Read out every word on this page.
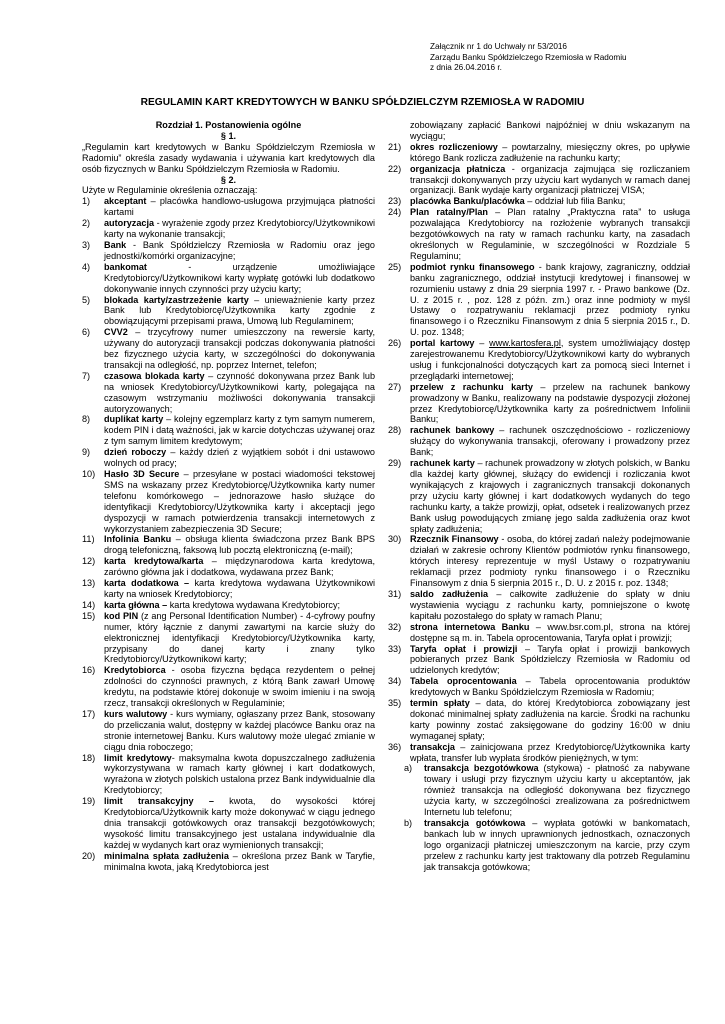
Załącznik nr 1 do Uchwały nr 53/2016
Zarządu Banku Spółdzielczego Rzemiosła w Radomiu
z dnia 26.04.2016 r.
REGULAMIN KART KREDYTOWYCH W BANKU SPÓŁDZIELCZYM RZEMIOSŁA W RADOMIU
Rozdział 1. Postanowienia ogólne
§ 1.
„Regulamin kart kredytowych w Banku Spółdzielczym Rzemiosła w Radomiu” określa zasady wydawania i używania kart kredytowych dla osób fizycznych w Banku Spółdzielczym Rzemiosła w Radomiu.
§ 2.
Użyte w Regulaminie określenia oznaczają:
1)	akceptant – placówka handlowo-usługowa przyjmująca płatności kartami
2)	autoryzacja - wyrażenie zgody przez Kredytobiorcy/Użytkownikowi karty na wykonanie transakcji;
3)	Bank - Bank Spółdzielczy Rzemiosła w Radomiu oraz jego jednostki/komórki organizacyjne;
4)	bankomat - urządzenie umożliwiające Kredytobiorcy/Użytkownikowi karty wypłatę gotówki lub dodatkowo dokonywanie innych czynności przy użyciu karty;
5)	blokada karty/zastrzeżenie karty – unieważnienie karty przez Bank lub Kredytobiorcę/Użytkownika karty zgodnie z obowiązującymi przepisami prawa, Umową lub Regulaminem;
6)	CVV2 – trzycyfrowy numer umieszczony na rewersie karty, używany do autoryzacji transakcji podczas dokonywania płatności bez fizycznego użycia karty, w szczególności do dokonywania transakcji na odległość, np. poprzez Internet, telefon;
7)	czasowa blokada karty – czynność dokonywana przez Bank lub na wniosek Kredytobiorcy/Użytkownikowi karty, polegająca na czasowym wstrzymaniu możliwości dokonywania transakcji autoryzowanych;
8)	duplikat karty – kolejny egzemplarz karty z tym samym numerem, kodem PIN i datą ważności, jak w karcie dotychczas używanej oraz z tym samym limitem kredytowym;
9)	dzień roboczy – każdy dzień z wyjątkiem sobót i dni ustawowo wolnych od pracy;
10) Hasło 3D Secure – przesyłane w postaci wiadomości tekstowej SMS na wskazany przez Kredytobiorcę/Użytkownika karty numer telefonu komórkowego – jednorazowe hasło służące do identyfikacji Kredytobiorcy/Użytkownika karty i akceptacji jego dyspozycji w ramach potwierdzenia transakcji internetowych z wykorzystaniem zabezpieczenia 3D Secure;
11)	Infolinia Banku – obsługa klienta świadczona przez Bank BPS drogą telefoniczną, faksową lub pocztą elektroniczną (e-mail);
12) karta kredytowa/karta – międzynarodowa karta kredytowa, zarówno główna jak i dodatkowa, wydawana przez Bank;
13) karta dodatkowa – karta kredytowa wydawana Użytkownikowi karty na wniosek Kredytobiorcy;
14) karta główna – karta kredytowa wydawana Kredytobiorcy;
15) kod PIN (z ang Personal Identification Number) - 4-cyfrowy poufny numer, który łącznie z danymi zawartymi na karcie służy do elektronicznej identyfikacji Kredytobiorcy/Użytkownika karty, przypisany do danej karty i znany tylko Kredytobiorcy/Użytkownikowi karty;
16) Kredytobiorca - osoba fizyczna będąca rezydentem o pełnej zdolności do czynności prawnych, z którą Bank zawarł Umowę kredytu, na podstawie której dokonuje w swoim imieniu i na swoją rzecz, transakcji określonych w Regulaminie;
17) kurs walutowy - kurs wymiany, ogłaszany przez Bank, stosowany do przeliczania walut, dostępny w każdej placówce Banku oraz na stronie internetowej Banku. Kurs walutowy może ulegać zmianie w ciągu dnia roboczego;
18) limit kredytowy- maksymalna kwota dopuszczalnego zadłużenia wykorzystywana w ramach karty głównej i kart dodatkowych, wyrażona w złotych polskich ustalona przez Bank indywidualnie dla Kredytobiorcy;
19) limit transakcyjny – kwota, do wysokości której Kredytobiorca/Użytkownik karty może dokonywać w ciągu jednego dnia transakcji gotówkowych oraz transakcji bezgotówkowych; wysokość limitu transakcyjnego jest ustalana indywidualnie dla każdej w wydanych kart oraz wymienionych transakcji;
20) minimalna spłata zadłużenia – określona przez Bank w Taryfie, minimalna kwota, jaką Kredytobiorca jest
zobowiązany zapłacić Bankowi najpóźniej w dniu wskazanym na wyciągu;
21) okres rozliczeniowy – powtarzalny, miesięczny okres, po upływie którego Bank rozlicza zadłużenie na rachunku karty;
22) organizacja płatnicza - organizacja zajmująca się rozliczaniem transakcji dokonywanych przy użyciu kart wydanych w ramach danej organizacji. Bank wydaje karty organizacji płatniczej VISA;
23) placówka Banku/placówka – oddział lub filia Banku;
24) Plan ratalny/Plan – Plan ratalny „Praktyczna rata” to usługa pozwalająca Kredytobiorcy na rozłożenie wybranych transakcji bezgotówkowych na raty w ramach rachunku karty, na zasadach określonych w Regulaminie, w szczególności w Rozdziale 5 Regulaminu;
25) podmiot rynku finansowego - bank krajowy, zagraniczny, oddział banku zagranicznego, oddział instytucji kredytowej i finansowej w rozumieniu ustawy z dnia 29 sierpnia 1997 r. - Prawo bankowe (Dz. U. z 2015 r. , poz. 128 z późn. zm.) oraz inne podmioty w myśl Ustawy o rozpatrywaniu reklamacji przez podmioty rynku finansowego i o Rzeczniku Finansowym z dnia 5 sierpnia 2015 r., D. U. poz. 1348;
26) portal kartowy – www.kartosfera.pl, system umożliwiający dostęp zarejestrowanemu Kredytobiorcy/Użytkownikowi karty do wybranych usług i funkcjonalności dotyczących kart za pomocą sieci Internet i przeglądarki internetowej;
27) przelew z rachunku karty – przelew na rachunek bankowy prowadzony w Banku, realizowany na podstawie dyspozycji złożonej przez Kredytobiorcę/Użytkownika karty za pośrednictwem Infolinii Banku;
28) rachunek bankowy – rachunek oszczędnościowo - rozliczeniowy służący do wykonywania transakcji, oferowany i prowadzony przez Bank;
29) rachunek karty – rachunek prowadzony w złotych polskich, w Banku dla każdej karty głównej, służący do ewidencji i rozliczania kwot wynikających z krajowych i zagranicznych transakcji dokonanych przy użyciu karty głównej i kart dodatkowych wydanych do tego rachunku karty, a także prowizji, opłat, odsetek i realizowanych przez Bank usług powodujących zmianę jego salda zadłużenia oraz kwot spłaty zadłużenia;
30) Rzecznik Finansowy - osoba, do której zadań należy podejmowanie działań w zakresie ochrony Klientów podmiotów rynku finansowego, których interesy reprezentuje w myśl Ustawy o rozpatrywaniu reklamacji przez podmioty rynku finansowego i o Rzeczniku Finansowym z dnia 5 sierpnia 2015 r., D. U. z 2015 r. poz. 1348;
31) saldo zadłużenia – całkowite zadłużenie do spłaty w dniu wystawienia wyciągu z rachunku karty, pomniejszone o kwotę kapitału pozostałego do spłaty w ramach Planu;
32) strona internetowa Banku – www.bsr.com.pl, strona na której dostępne są m. in. Tabela oprocentowania, Taryfa opłat i prowizji;
33) Taryfa opłat i prowizji – Taryfa opłat i prowizji bankowych pobieranych przez Bank Spółdzielczy Rzemiosła w Radomiu od udzielonych kredytów;
34) Tabela oprocentowania – Tabela oprocentowania produktów kredytowych w Banku Spółdzielczym Rzemiosła w Radomiu;
35) termin spłaty – data, do której Kredytobiorca zobowiązany jest dokonać minimalnej spłaty zadłużenia na karcie. Środki na rachunku karty powinny zostać zaksięgowane do godziny 16:00 w dniu wymaganej spłaty;
36) transakcja – zainicjowana przez Kredytobiorcę/Użytkownika karty wpłata, transfer lub wypłata środków pieniężnych, w tym:
a)	transakcja bezgotówkowa (stykowa) - płatność za nabywane towary i usługi przy fizycznym użyciu karty u akceptantów, jak również transakcja na odległość dokonywana bez fizycznego użycia karty, w szczególności zrealizowana za pośrednictwem Internetu lub telefonu;
b)	transakcja gotówkowa – wypłata gotówki w bankomatach, bankach lub w innych uprawnionych jednostkach, oznaczonych logo organizacji płatniczej umieszczonym na karcie, przy czym przelew z rachunku karty jest traktowany dla potrzeb Regulaminu jak transakcja gotówkowa;
